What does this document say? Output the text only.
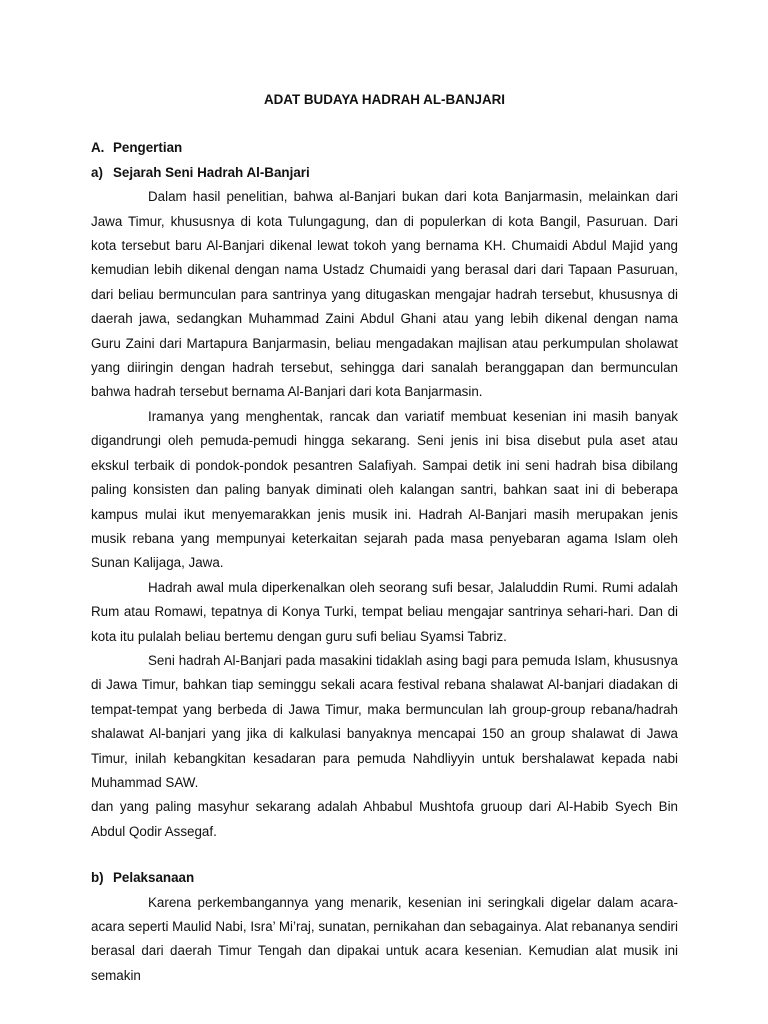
ADAT BUDAYA HADRAH AL-BANJARI
A. Pengertian
a) Sejarah Seni Hadrah Al-Banjari

Dalam hasil penelitian, bahwa al-Banjari bukan dari kota Banjarmasin, melainkan dari Jawa Timur, khususnya di kota Tulungagung, dan di populerkan di kota Bangil, Pasuruan. Dari kota tersebut baru Al-Banjari dikenal lewat tokoh yang bernama KH. Chumaidi Abdul Majid yang kemudian lebih dikenal dengan nama Ustadz Chumaidi yang berasal dari dari Tapaan Pasuruan, dari beliau bermunculan para santrinya yang ditugaskan mengajar hadrah tersebut, khususnya di daerah jawa, sedangkan Muhammad Zaini Abdul Ghani atau yang lebih dikenal dengan nama Guru Zaini dari Martapura Banjarmasin, beliau mengadakan majlisan atau perkumpulan sholawat yang diiringin dengan hadrah tersebut, sehingga dari sanalah beranggapan dan bermunculan bahwa hadrah tersebut bernama Al-Banjari dari kota Banjarmasin.

Iramanya yang menghentak, rancak dan variatif membuat kesenian ini masih banyak digandrungi oleh pemuda-pemudi hingga sekarang. Seni jenis ini bisa disebut pula aset atau ekskul terbaik di pondok-pondok pesantren Salafiyah. Sampai detik ini seni hadrah bisa dibilang paling konsisten dan paling banyak diminati oleh kalangan santri, bahkan saat ini di beberapa kampus mulai ikut menyemarakkan jenis musik ini. Hadrah Al-Banjari masih merupakan jenis musik rebana yang mempunyai keterkaitan sejarah pada masa penyebaran agama Islam oleh Sunan Kalijaga, Jawa.

Hadrah awal mula diperkenalkan oleh seorang sufi besar, Jalaluddin Rumi. Rumi adalah Rum atau Romawi, tepatnya di Konya Turki, tempat beliau mengajar santrinya sehari-hari. Dan di kota itu pulalah beliau bertemu dengan guru sufi beliau Syamsi Tabriz.

Seni hadrah Al-Banjari pada masakini tidaklah asing bagi para pemuda Islam, khususnya di Jawa Timur, bahkan tiap seminggu sekali acara festival rebana shalawat Al-banjari diadakan di tempat-tempat yang berbeda di Jawa Timur, maka bermunculan lah group-group rebana/hadrah shalawat Al-banjari yang jika di kalkulasi banyaknya mencapai 150 an group shalawat di Jawa Timur, inilah kebangkitan kesadaran para pemuda Nahdliyyin untuk bershalawat kepada nabi Muhammad SAW.

dan yang paling masyhur sekarang adalah Ahbabul Mushtofa gruoup dari Al-Habib Syech Bin Abdul Qodir Assegaf.

b) Pelaksanaan

Karena perkembangannya yang menarik, kesenian ini seringkali digelar dalam acara-acara seperti Maulid Nabi, Isra’ Mi’raj, sunatan, pernikahan dan sebagainya. Alat rebananya sendiri berasal dari daerah Timur Tengah dan dipakai untuk acara kesenian. Kemudian alat musik ini semakin
